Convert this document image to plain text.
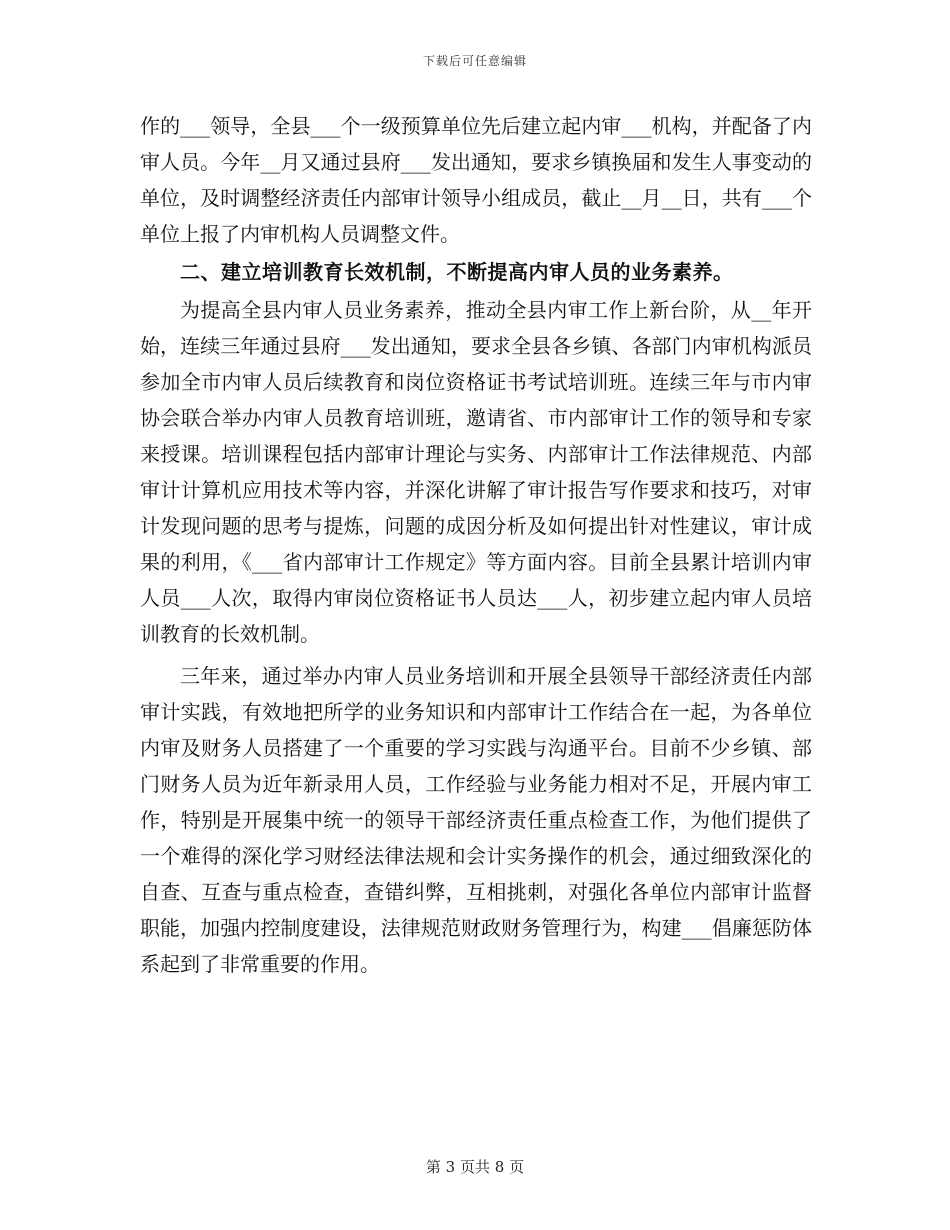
下载后可任意编辑

作的___领导，全县___个一级预算单位先后建立起内审___机构，并配备了内审人员。今年__月又通过县府___发出通知，要求乡镇换届和发生人事变动的单位，及时调整经济责任内部审计领导小组成员，截止__月__日，共有___个单位上报了内审机构人员调整文件。

二、建立培训教育长效机制，不断提高内审人员的业务素养。

为提高全县内审人员业务素养，推动全县内审工作上新台阶，从__年开始，连续三年通过县府___发出通知，要求全县各乡镇、各部门内审机构派员参加全市内审人员后续教育和岗位资格证书考试培训班。连续三年与市内审协会联合举办内审人员教育培训班，邀请省、市内部审计工作的领导和专家来授课。培训课程包括内部审计理论与实务、内部审计工作法律规范、内部审计计算机应用技术等内容，并深化讲解了审计报告写作要求和技巧，对审计发现问题的思考与提炼，问题的成因分析及如何提出针对性建议，审计成果的利用，《___省内部审计工作规定》等方面内容。目前全县累计培训内审人员___人次，取得内审岗位资格证书人员达___人，初步建立起内审人员培训教育的长效机制。

三年来，通过举办内审人员业务培训和开展全县领导干部经济责任内部审计实践，有效地把所学的业务知识和内部审计工作结合在一起，为各单位内审及财务人员搭建了一个重要的学习实践与沟通平台。目前不少乡镇、部门财务人员为近年新录用人员，工作经验与业务能力相对不足，开展内审工作，特别是开展集中统一的领导干部经济责任重点检查工作，为他们提供了一个难得的深化学习财经法律法规和会计实务操作的机会，通过细致深化的自查、互查与重点检查，查错纠弊，互相挑刺，对强化各单位内部审计监督职能，加强内控制度建设，法律规范财政财务管理行为，构建___倡廉惩防体系起到了非常重要的作用。

第 3 页共 8 页
